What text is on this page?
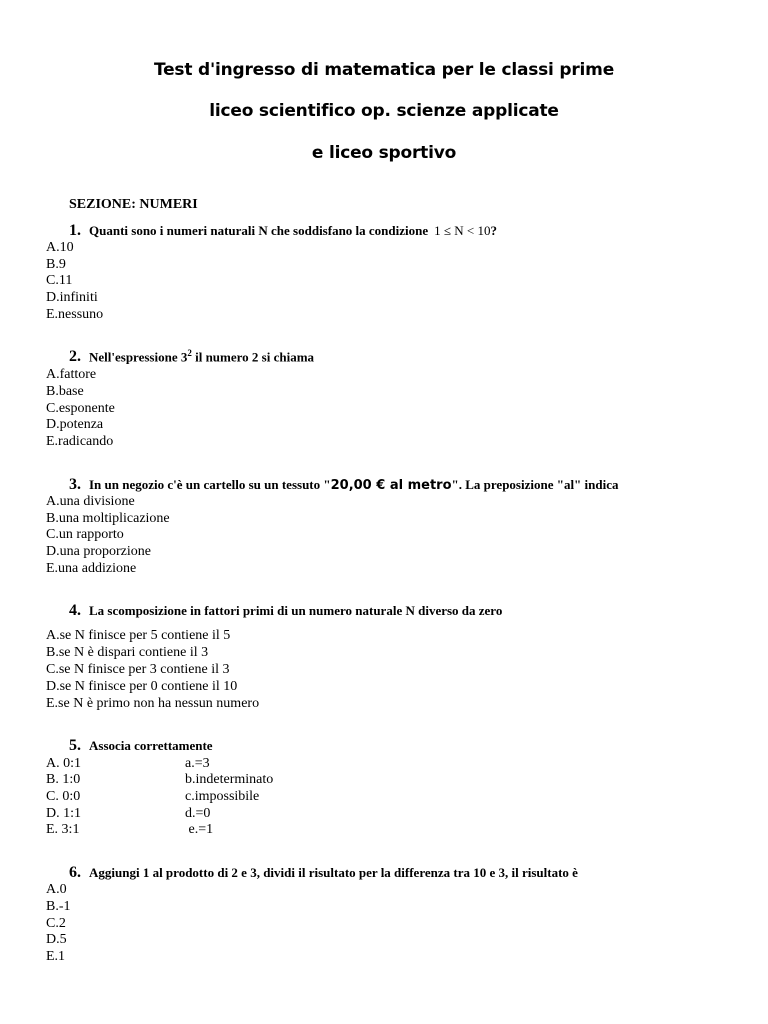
Test d'ingresso di matematica per le classi prime
liceo scientifico op. scienze applicate
e liceo sportivo
SEZIONE: NUMERI
1. Quanti sono i numeri naturali N che soddisfano la condizione 1 ≤ N < 10?
A.10
B.9
C.11
D.infiniti
E.nessuno
2. Nell'espressione $3^2$ il numero 2 si chiama
A.fattore
B.base
C.esponente
D.potenza
E.radicando
3. In un negozio c'è un cartello su un tessuto "20,00 € al metro". La preposizione "al" indica
A.una divisione
B.una moltiplicazione
C.un rapporto
D.una proporzione
E.una addizione
4. La scomposizione in fattori primi di un numero naturale N diverso da zero
A.se N finisce per 5 contiene il 5
B.se N è dispari contiene il 3
C.se N finisce per 3 contiene il 3
D.se N finisce per 0 contiene il 10
E.se N è primo non ha nessun numero
5. Associa correttamente
A. 0:1	a.=3
B. 1:0	b.indeterminato
C. 0:0	c.impossibile
D. 1:1	d.=0
E. 3:1	e.=1
6. Aggiungi 1 al prodotto di 2 e 3, dividi il risultato per la differenza tra 10 e 3, il risultato è
A.0
B.-1
C.2
D.5
E.1
